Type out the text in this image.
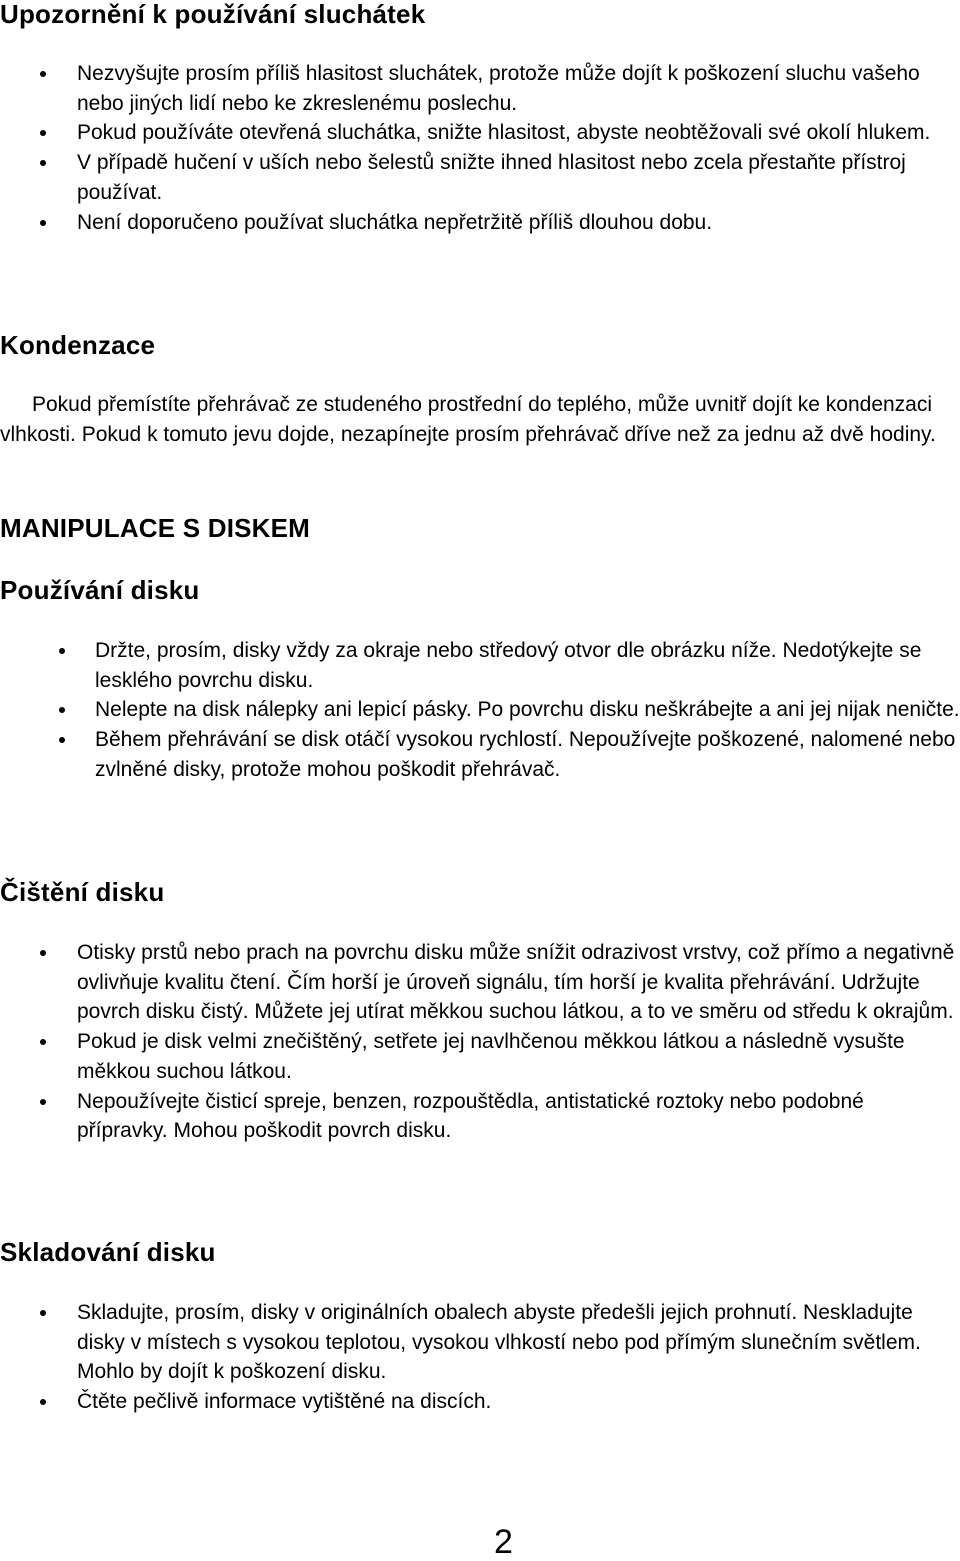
Upozornění k používání sluchátek
Nezvyšujte prosím příliš hlasitost sluchátek, protože může dojít k poškození sluchu vašeho nebo jiných lidí nebo ke zkreslenému poslechu.
Pokud používáte otevřená sluchátka, snižte hlasitost, abyste neobtěžovali své okolí hlukem.
V případě hučení v uších nebo šelestů snižte ihned hlasitost nebo zcela přestaňte přístroj používat.
Není doporučeno používat sluchátka nepřetržitě příliš dlouhou dobu.
Kondenzace

Pokud přemístíte přehrávač ze studeného prostřední do teplého, může uvnitř dojít ke kondenzaci vlhkosti. Pokud k tomuto jevu dojde, nezapínejte prosím přehrávač dříve než za jednu až dvě hodiny.

MANIPULACE S DISKEM
Používání disku
Držte, prosím, disky vždy za okraje nebo středový otvor dle obrázku níže. Nedotýkejte se lesklého povrchu disku.
Nelepte na disk nálepky ani lepicí pásky. Po povrchu disku neškrábejte a ani jej nijak neničte.
Během přehrávání se disk otáčí vysokou rychlostí. Nepoužívejte poškozené, nalomené nebo zvlněné disky, protože mohou poškodit přehrávač.
Čištění disku
Otisky prstů nebo prach na povrchu disku může snížit odrazivost vrstvy, což přímo a negativně ovlivňuje kvalitu čtení. Čím horší je úroveň signálu, tím horší je kvalita přehrávání. Udržujte povrch disku čistý. Můžete jej utírat měkkou suchou látkou, a to ve směru od středu k okrajům.
Pokud je disk velmi znečištěný, setřete jej navlhčenou měkkou látkou a následně vysušte měkkou suchou látkou.
Nepoužívejte čisticí spreje, benzen, rozpouštědla, antistatické roztoky nebo podobné přípravky. Mohou poškodit povrch disku.
Skladování disku
Skladujte, prosím, disky v originálních obalech abyste předešli jejich prohnutí. Neskladujte disky v místech s vysokou teplotou, vysokou vlhkostí nebo pod přímým slunečním světlem. Mohlo by dojít k poškození disku.
Čtěte pečlivě informace vytištěné na discích.
2
